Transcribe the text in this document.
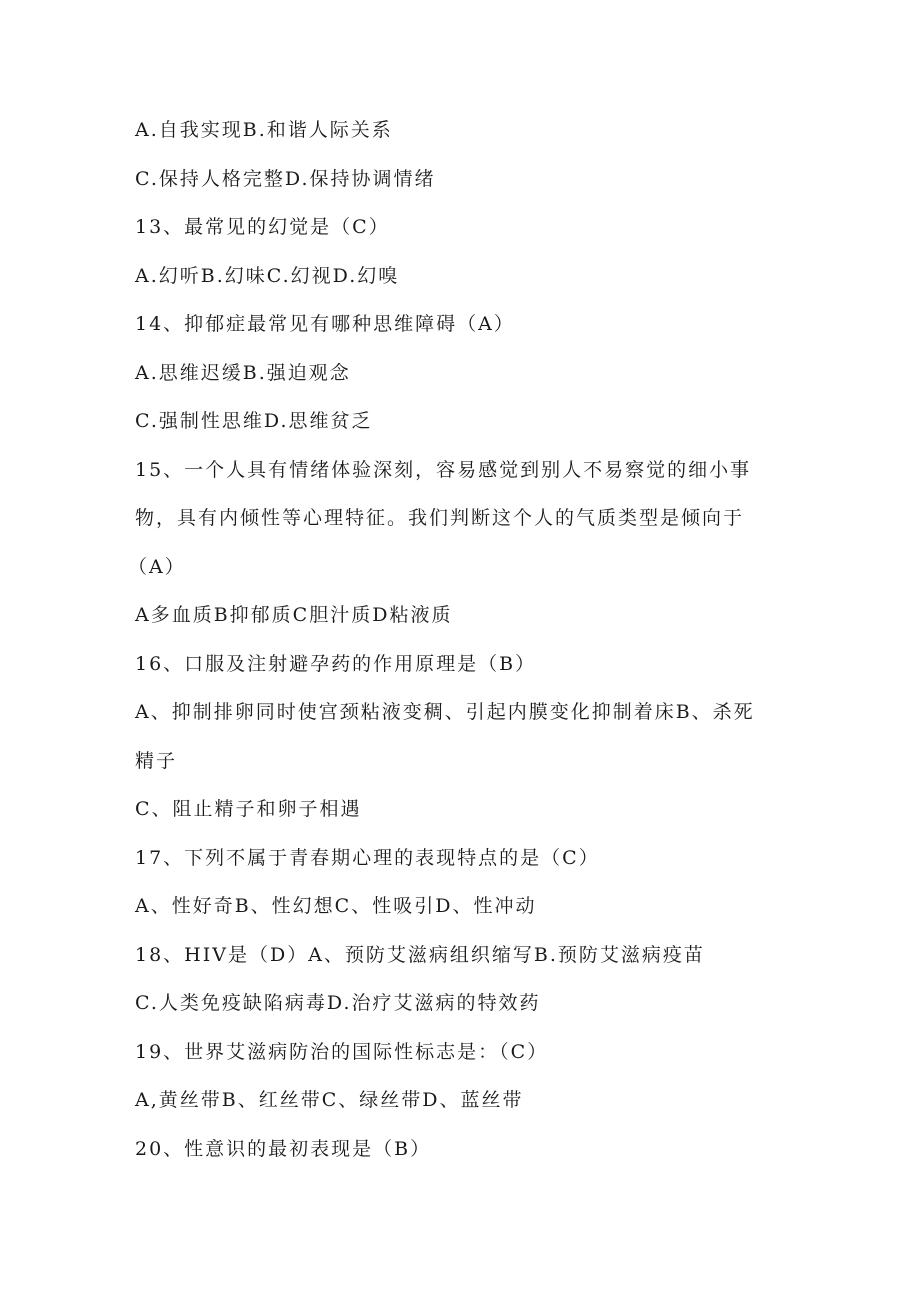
A.自我实现B.和谐人际关系
C.保持人格完整D.保持协调情绪
13、最常见的幻觉是（C）
A.幻听B.幻味C.幻视D.幻嗅
14、抑郁症最常见有哪种思维障碍（A）
A.思维迟缓B.强迫观念
C.强制性思维D.思维贫乏
15、一个人具有情绪体验深刻，容易感觉到别人不易察觉的细小事
物，具有内倾性等心理特征。我们判断这个人的气质类型是倾向于
（A）
A多血质B抑郁质C胆汁质D粘液质
16、口服及注射避孕药的作用原理是（B）
A、抑制排卵同时使宫颈粘液变稠、引起内膜变化抑制着床B、杀死
精子
C、阻止精子和卵子相遇
17、下列不属于青春期心理的表现特点的是（C）
A、性好奇B、性幻想C、性吸引D、性冲动
18、HIV是（D）A、预防艾滋病组织缩写B.预防艾滋病疫苗
C.人类免疫缺陷病毒D.治疗艾滋病的特效药
19、世界艾滋病防治的国际性标志是：（C）
A,黄丝带B、红丝带C、绿丝带D、蓝丝带
20、性意识的最初表现是（B）
